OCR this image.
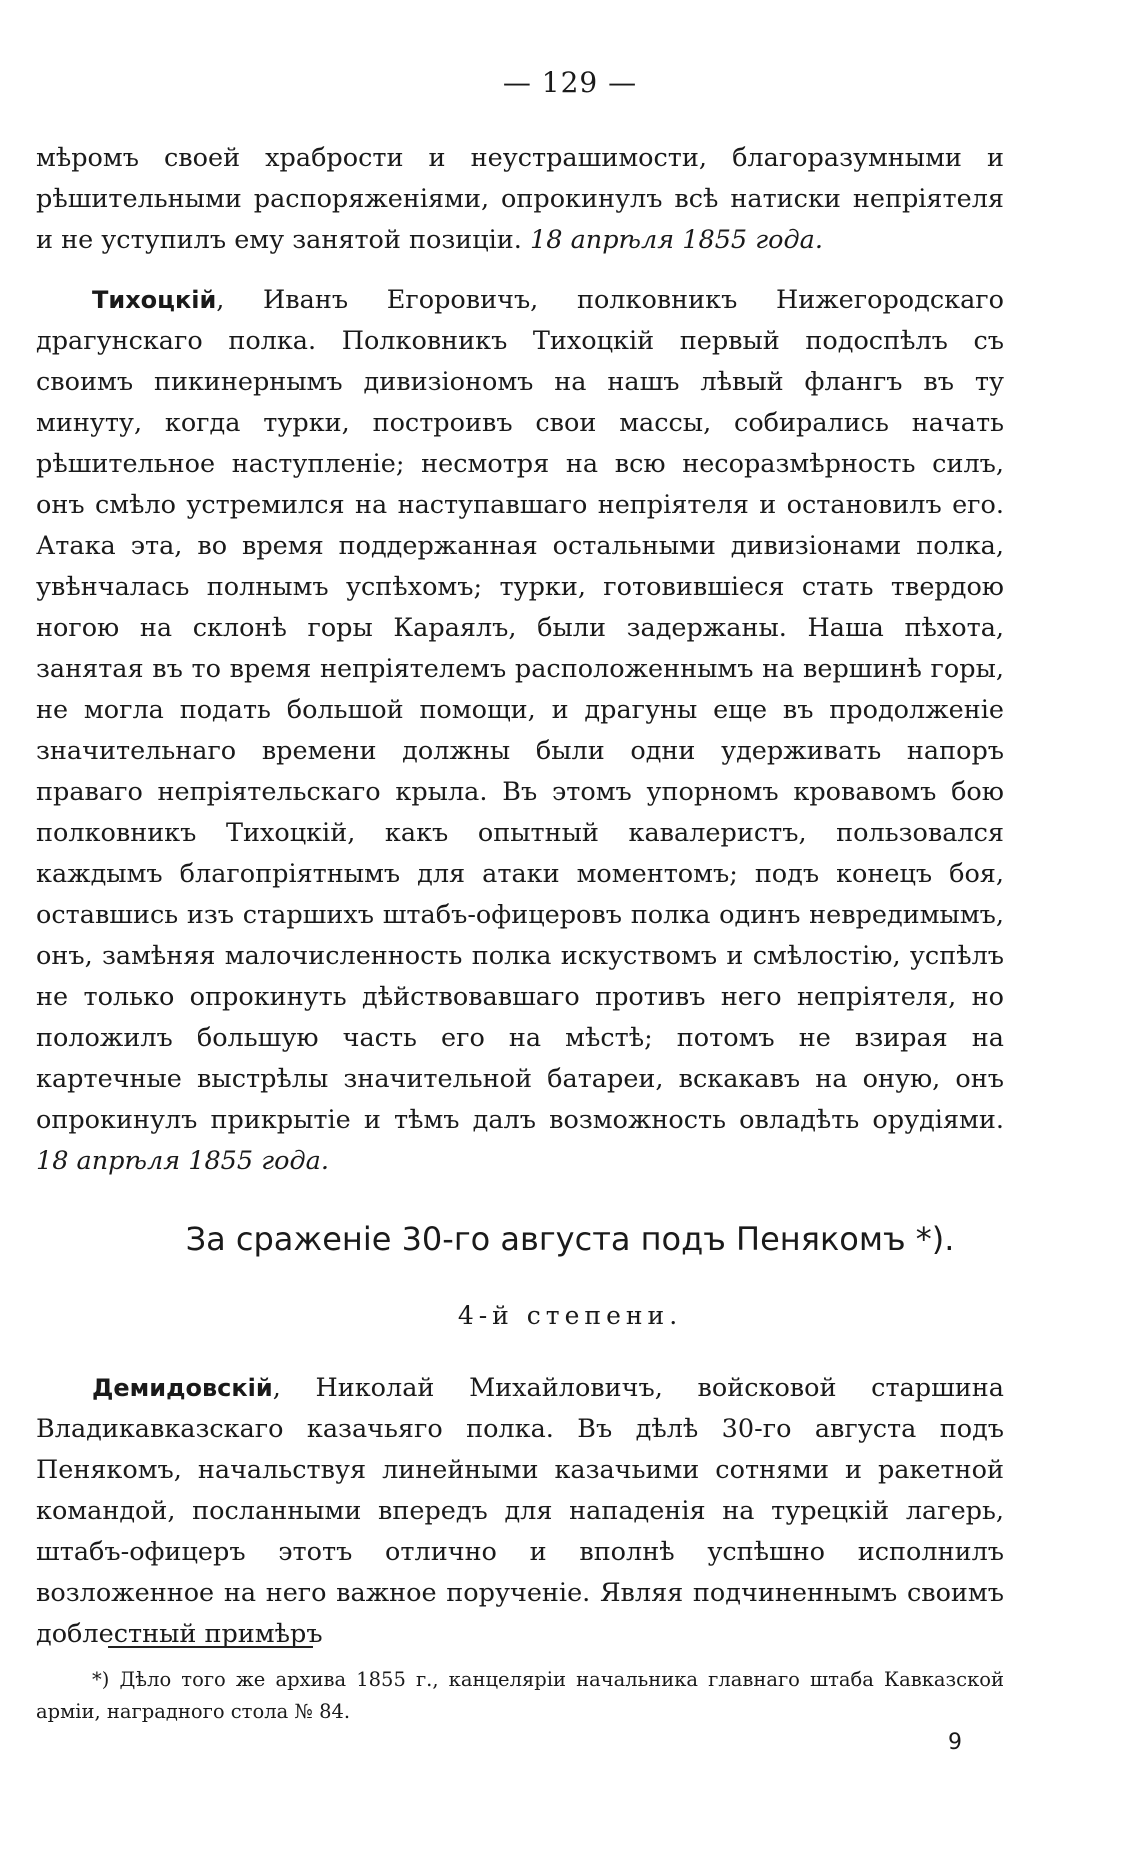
— 129 —

мѣромъ своей храбрости и неустрашимости, благоразумными и рѣшительными распоряженіями, опрокинулъ всѣ натиски непріятеля и не уступилъ ему занятой позиціи. 18 апрѣля 1855 года.

Тихоцкій, Иванъ Егоровичъ, полковникъ Нижегородскаго драгунскаго полка. Полковникъ Тихоцкій первый подоспѣлъ съ своимъ пикинернымъ дивизіономъ на нашъ лѣвый флангъ въ ту минуту, когда турки, построивъ свои массы, собирались начать рѣшительное наступленіе; несмотря на всю несоразмѣрность силъ, онъ смѣло устремился на наступавшаго непріятеля и остановилъ его. Атака эта, во время поддержанная остальными дивизіонами полка, увѣнчалась полнымъ успѣхомъ; турки, готовившіеся стать твердою ногою на склонѣ горы Караялъ, были задержаны. Наша пѣхота, занятая въ то время непріятелемъ расположеннымъ на вершинѣ горы, не могла подать большой помощи, и драгуны еще въ продолженіе значительнаго времени должны были одни удерживать напоръ праваго непріятельскаго крыла. Въ этомъ упорномъ кровавомъ бою полковникъ Тихоцкій, какъ опытный кавалеристъ, пользовался каждымъ благопріятнымъ для атаки моментомъ; подъ конецъ боя, оставшись изъ старшихъ штабъ-офицеровъ полка одинъ невредимымъ, онъ, замѣняя малочисленность полка искуствомъ и смѣлостію, успѣлъ не только опрокинуть дѣйствовавшаго противъ него непріятеля, но положилъ большую часть его на мѣстѣ; потомъ не взирая на картечные выстрѣлы значительной батареи, вскакавъ на оную, онъ опрокинулъ прикрытіе и тѣмъ далъ возможность овладѣть орудіями. 18 апрѣля 1855 года.

За сраженіе 30-го августа подъ Пенякомъ *).
4-й степени.

Демидовскій, Николай Михайловичъ, войсковой старшина Владикавказскаго казачьяго полка. Въ дѣлѣ 30-го августа подъ Пенякомъ, начальствуя линейными казачьими сотнями и ракетной командой, посланными впередъ для нападенія на турецкій лагерь, штабъ-офицеръ этотъ отлично и вполнѣ успѣшно исполнилъ возложенное на него важное порученіе. Являя подчиненнымъ своимъ доблестный примѣръ

*) Дѣло того же архива 1855 г., канцеляріи начальника главнаго штаба Кавказской арміи, наградного стола № 84.

9
